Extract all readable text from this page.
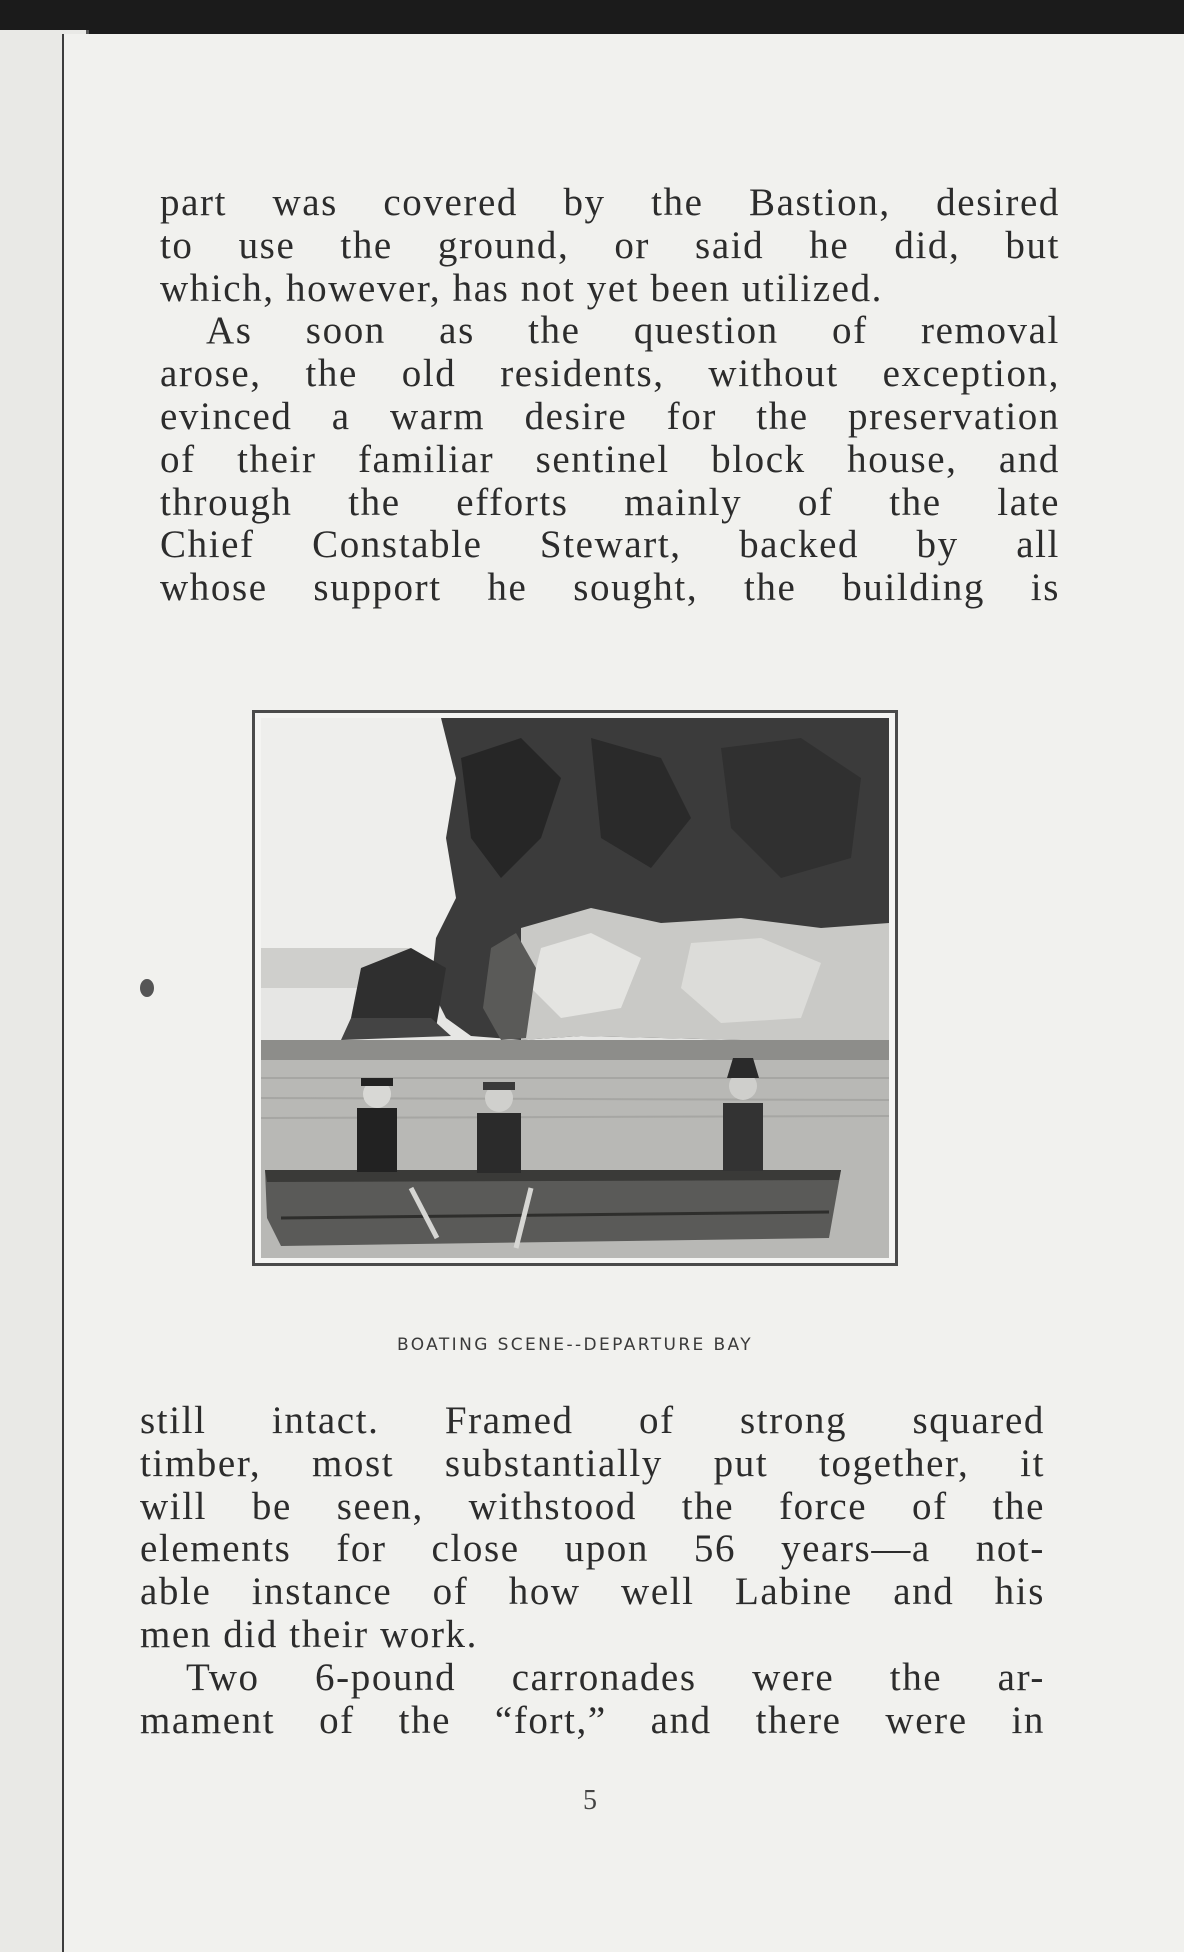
part was covered by the Bastion, desired
to use the ground, or said he did, but
which, however, has not yet been utilized.
As soon as the question of removal
arose, the old residents, without exception,
evinced a warm desire for the preservation
of their familiar sentinel block house, and
through the efforts mainly of the late
Chief Constable Stewart, backed by all
whose support he sought, the building is
BOATING SCENE--DEPARTURE BAY
still intact. Framed of strong squared
timber, most substantially put together, it
will be seen, withstood the force of the
elements for close upon 56 years—a not-
able instance of how well Labine and his
men did their work.
Two 6-pound carronades were the ar-
mament of the “fort,” and there were in
5
